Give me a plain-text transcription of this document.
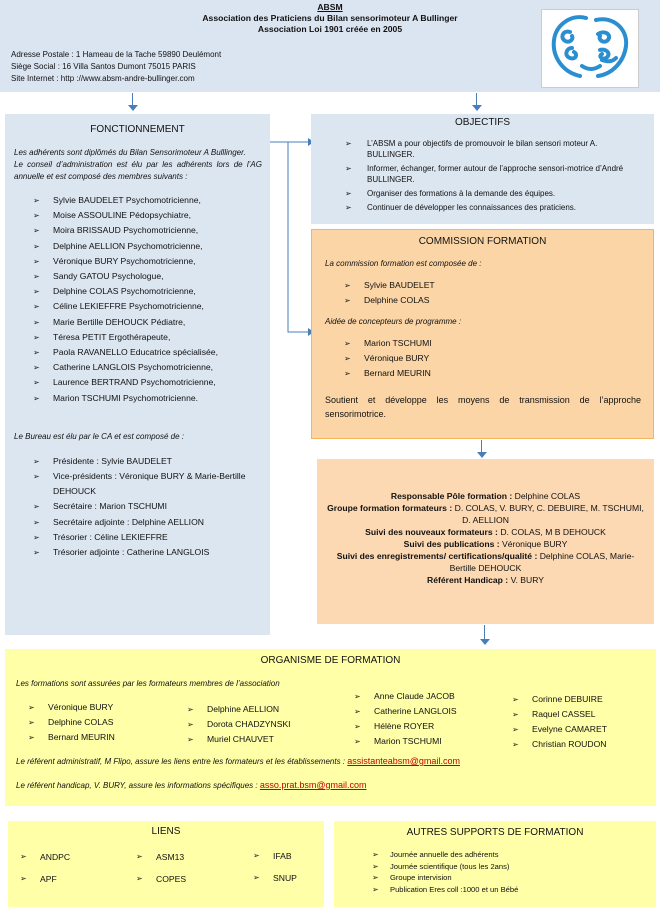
ABSM
Association des Praticiens du Bilan sensorimoteur A Bullinger
Association Loi 1901 créée en 2005
Adresse Postale : 1 Hameau de la Tache 59890 Deulémont
Siège Social : 16 Villa Santos Dumont 75015 PARIS
Site Internet : http ://www.absm-andre-bullinger.com
FONCTIONNEMENT
Les adhérents sont diplômés du Bilan Sensorimoteur A Bulllinger.
Le conseil d’administration est élu par les adhérents lors de l’AG annuelle et est composé des membres suivants :
➢ Sylvie BAUDELET Psychomotricienne,
➢ Moise ASSOULINE Pédopsychiatre,
➢ Moira BRISSAUD Psychomotricienne,
➢ Delphine AELLION Psychomotricienne,
➢ Véronique BURY Psychomotricienne,
➢ Sandy GATOU Psychologue,
➢ Delphine COLAS Psychomotricienne,
➢ Céline LEKIEFFRE Psychomotricienne,
➢ Marie Bertille DEHOUCK Pédiatre,
➢ Téresa PETIT Ergothérapeute,
➢ Paola RAVANELLO Educatrice spécialisée,
➢ Catherine LANGLOIS Psychomotricienne,
➢ Laurence BERTRAND Psychomotricienne,
➢ Marion TSCHUMI Psychomotricienne.
Le Bureau est élu par le CA et est composé de :
➢ Présidente : Sylvie BAUDELET
➢ Vice-présidents : Véronique BURY & Marie-Bertille DEHOUCK
➢ Secrétaire : Marion TSCHUMI
➢ Secrétaire adjointe : Delphine AELLION
➢ Trésorier : Céline LEKIEFFRE
➢ Trésorier adjointe : Catherine LANGLOIS
OBJECTIFS
➢ L’ABSM a pour objectifs de promouvoir le bilan sensori moteur A. BULLINGER.
➢ Informer, échanger, former autour de l’approche sensori-motrice d’André BULLINGER.
➢ Organiser des formations à la demande des équipes.
➢ Continuer de développer les connaissances des praticiens.
COMMISSION FORMATION
La commission formation est composée de :
➢ Sylvie BAUDELET
➢ Delphine COLAS
Aidée de concepteurs de programme :
➢ Marion TSCHUMI
➢ Véronique BURY
➢ Bernard MEURIN
Soutient et développe les moyens de transmission de l’approche sensorimotrice.
Responsable Pôle formation : Delphine COLAS
Groupe formation formateurs : D. COLAS, V. BURY, C. DEBUIRE, M. TSCHUMI, D. AELLION
Suivi des nouveaux formateurs : D. COLAS, M B DEHOUCK
Suivi des publications : Véronique BURY
Suivi des enregistrements/ certifications/qualité : Delphine COLAS, Marie-Bertille DEHOUCK
Référent Handicap : V. BURY
ORGANISME DE FORMATION
Les formations sont assurées par les formateurs membres de l’association
➢ Véronique BURY
➢ Delphine COLAS
➢ Bernard MEURIN
➢ Delphine AELLION
➢ Dorota CHADZYNSKI
➢ Muriel CHAUVET
➢ Anne Claude JACOB
➢ Catherine LANGLOIS
➢ Hélène ROYER
➢ Marion TSCHUMI
➢ Corinne DEBUIRE
➢ Raquel CASSEL
➢ Evelyne CAMARET
➢ Christian ROUDON
Le référent administratif, M Flipo, assure les liens entre les formateurs et les établissements : assistanteabsm@gmail.com
Le référent handicap, V. BURY, assure les informations spécifiques : asso.prat.bsm@gmail.com
LIENS
➢ ANDPC
➢ APF
➢ ASM13
➢ COPES
➢ IFAB
➢ SNUP
AUTRES SUPPORTS DE FORMATION
➢ Journée annuelle des adhérents
➢ Journée scientifique (tous les 2ans)
➢ Groupe intervision
➢ Publication Eres coll :1000 et un Bébé
